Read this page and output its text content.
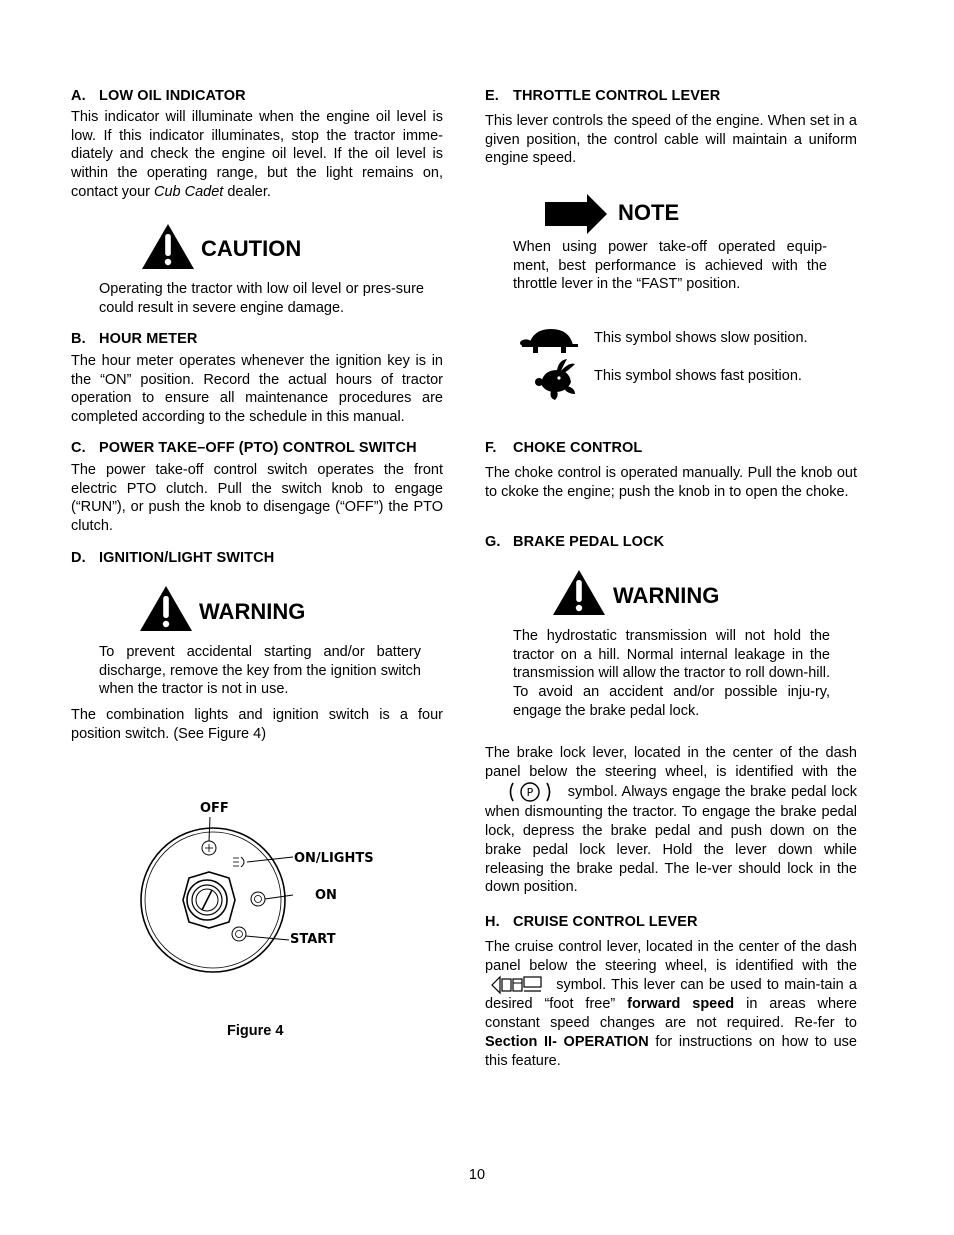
A. LOW OIL INDICATOR
This indicator will illuminate when the engine oil level is low. If this indicator illuminates, stop the tractor imme-diately and check the engine oil level. If the oil level is within the operating range, but the light remains on, contact your Cub Cadet dealer.
CAUTION
Operating the tractor with low oil level or pres-sure could result in severe engine damage.
B. HOUR METER
The hour meter operates whenever the ignition key is in the “ON” position. Record the actual hours of tractor operation to ensure all maintenance procedures are completed according to the schedule in this manual.
C. POWER TAKE–OFF (PTO) CONTROL SWITCH
The power take-off control switch operates the front electric PTO clutch. Pull the switch knob to engage (“RUN”), or push the knob to disengage (“OFF”) the PTO clutch.
D. IGNITION/LIGHT SWITCH
WARNING
To prevent accidental starting and/or battery discharge, remove the key from the ignition switch when the tractor is not in use.
The combination lights and ignition switch is a four position switch. (See Figure 4)
OFF
ON/LIGHTS
ON
START
Figure 4
E. THROTTLE CONTROL LEVER
This lever controls the speed of the engine. When set in a given position, the control cable will maintain a uniform engine speed.
NOTE
When using power take-off operated equip-ment, best performance is achieved with the throttle lever in the “FAST” position.
This symbol shows slow position.
This symbol shows fast position.
F. CHOKE CONTROL
The choke control is operated manually. Pull the knob out to ckoke the engine; push the knob in to open the choke.
G. BRAKE PEDAL LOCK
WARNING
The hydrostatic transmission will not hold the tractor on a hill. Normal internal leakage in the transmission will allow the tractor to roll down-hill. To avoid an accident and/or possible inju-ry, engage the brake pedal lock.
The brake lock lever, located in the center of the dash panel below the steering wheel, is identified with the
P symbol. Always engage the brake pedal lock when dismounting the tractor. To engage the brake pedal lock, depress the brake pedal and push down on the brake pedal lock lever. Hold the lever down while releasing the brake pedal. The le-ver should lock in the down position.
H. CRUISE CONTROL LEVER
The cruise control lever, located in the center of the dash panel below the steering wheel, is identified with the  symbol. This lever can be used to main-tain a desired “foot free” forward speed in areas where constant speed changes are not required. Re-fer to Section II- OPERATION for instructions on how to use this feature.
10
